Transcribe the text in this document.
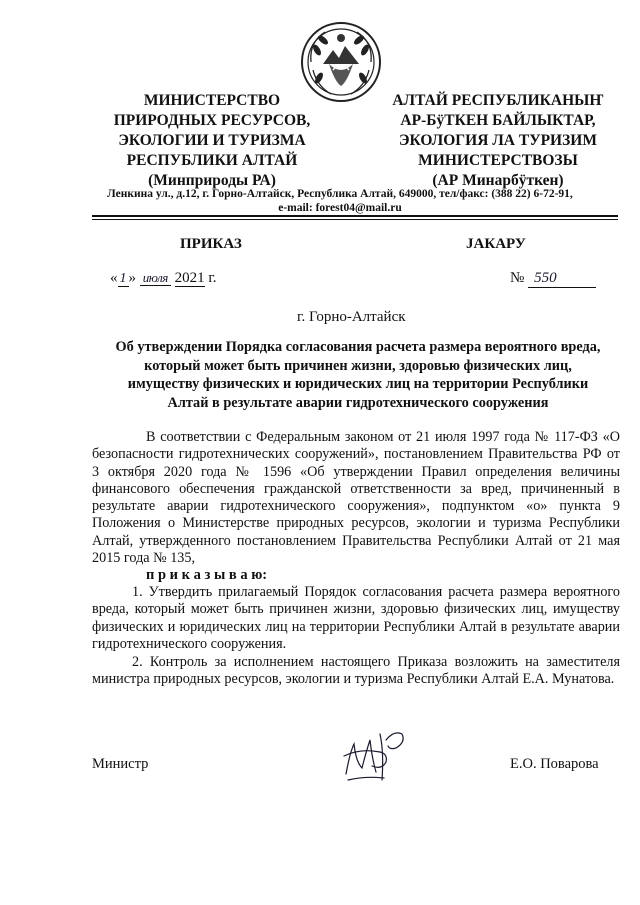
МИНИСТЕРСТВО
ПРИРОДНЫХ РЕСУРСОВ,
ЭКОЛОГИИ И ТУРИЗМА
РЕСПУБЛИКИ АЛТАЙ
(Минприроды РА)
АЛТАЙ РЕСПУБЛИКАНЫҤ
АР-БÿТКЕН БАЙЛЫКТАР,
ЭКОЛОГИЯ ЛА ТУРИЗИМ
МИНИСТЕРСТВОЗЫ
(АР Минарбÿткен)
Ленкина ул., д.12, г. Горно-Алтайск, Республика Алтай, 649000, тел/факс: (388 22) 6-72-91,
e-mail: forest04@mail.ru
ПРИКАЗ	JАКАРУ
« 1 » июля 2021 г.	№ 550
г. Горно-Алтайск
Об утверждении Порядка согласования расчета размера вероятного вреда,
который может быть причинен жизни, здоровью физических лиц,
имуществу физических и юридических лиц на территории Республики
Алтай в результате аварии гидротехнического сооружения

В соответствии с Федеральным законом от 21 июля 1997 года № 117-ФЗ «О безопасности гидротехнических сооружений», постановлением Правительства РФ от 3 октября 2020 года № 1596 «Об утверждении Правил определения величины финансового обеспечения гражданской ответственности за вред, причиненный в результате аварии гидротехнического сооружения», подпунктом «о» пункта 9 Положения о Министерстве природных ресурсов, экологии и туризма Республики Алтай, утвержденного постановлением Правительства Республики Алтай от 21 мая 2015 года № 135,

п р и к а з ы в а ю:

1. Утвердить прилагаемый Порядок согласования расчета размера вероятного вреда, который может быть причинен жизни, здоровью физических лиц, имуществу физических и юридических лиц на территории Республики Алтай в результате аварии гидротехнического сооружения.

2. Контроль за исполнением настоящего Приказа возложить на заместителя министра природных ресурсов, экологии и туризма Республики Алтай Е.А. Мунатова.

Министр	Е.О. Поварова
